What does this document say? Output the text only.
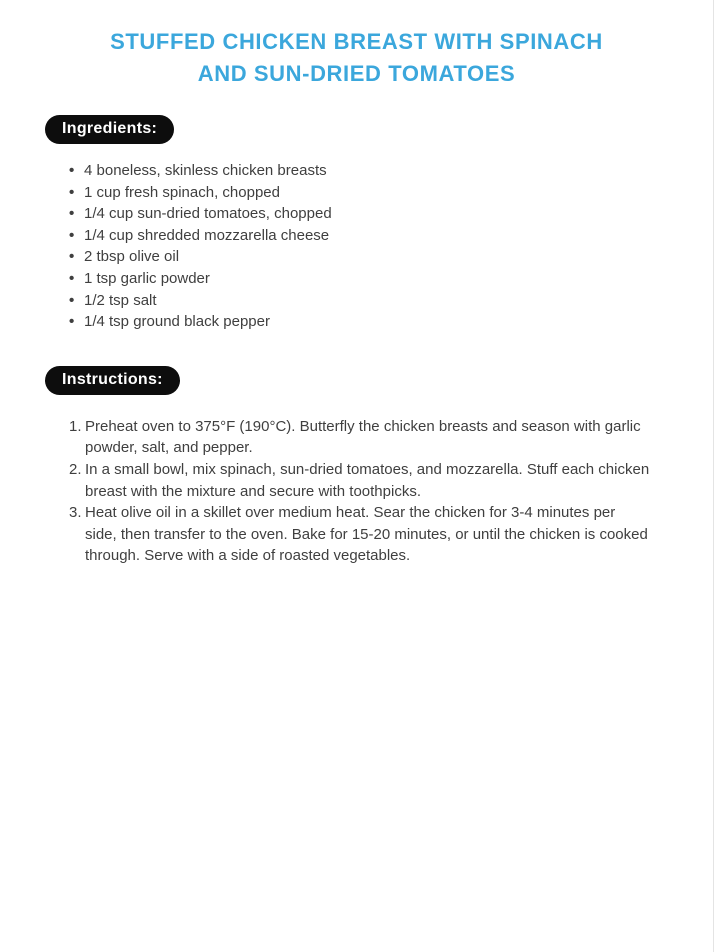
STUFFED CHICKEN BREAST WITH SPINACH
AND SUN-DRIED TOMATOES
Ingredients:
• 4 boneless, skinless chicken breasts
• 1 cup fresh spinach, chopped
• 1/4 cup sun-dried tomatoes, chopped
• 1/4 cup shredded mozzarella cheese
• 2 tbsp olive oil
• 1 tsp garlic powder
• 1/2 tsp salt
• 1/4 tsp ground black pepper
Instructions:
Preheat oven to 375°F (190°C). Butterfly the chicken breasts and season with garlic powder, salt, and pepper.
In a small bowl, mix spinach, sun-dried tomatoes, and mozzarella. Stuff each chicken breast with the mixture and secure with toothpicks.
Heat olive oil in a skillet over medium heat. Sear the chicken for 3-4 minutes per side, then transfer to the oven. Bake for 15-20 minutes, or until the chicken is cooked through. Serve with a side of roasted vegetables.
